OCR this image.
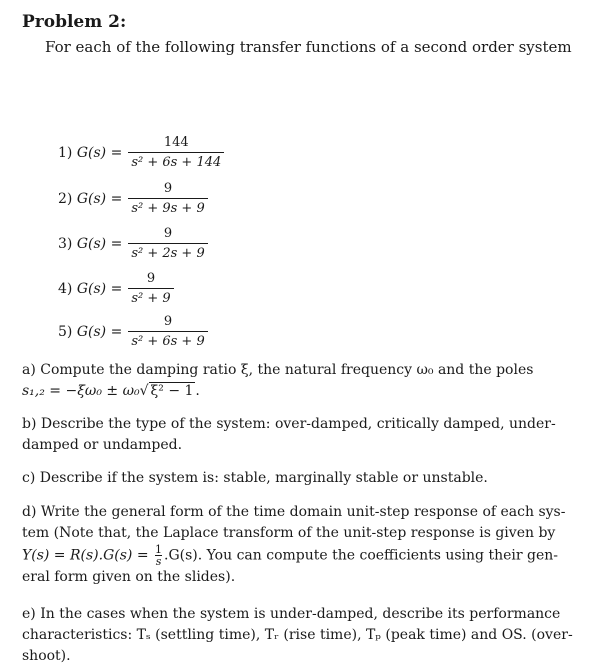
Problem 2:
For each of the following transfer functions of a second order system
1) $G(s) = \frac{144}{\text{s² + 6s + 144}}$
2) $G(s) = \frac{9}{\text{s² + 9s + 9}}$
3) $G(s) = \frac{9}{\text{s² + 2s + 9}}$
4) $G(s) = \frac{9}{\text{s² + 9}}$
5) $G(s) = \frac{9}{\text{s² + 6s + 9}}$
a) Compute the damping ratio ξ, the natural frequency ω₀ and the poles
s₁,₂ = −ξω₀ ± ω₀√ ξ² − 1 .
b) Describe the type of the system: over-damped, critically damped, under-
damped or undamped.
c) Describe if the system is: stable, marginally stable or unstable.
d) Write the general form of the time domain unit-step response of each sys-
tem (Note that, the Laplace transform of the unit-step response is given by
$Y(s) = R(s).G(s) = \frac{1}{s} .G(s)$. You can compute the coefficients using their gen-
eral form given on the slides).
e) In the cases when the system is under-damped, describe its performance
characteristics: Tₛ (settling time), Tᵣ (rise time), Tₚ (peak time) and OS. (over-
shoot).
